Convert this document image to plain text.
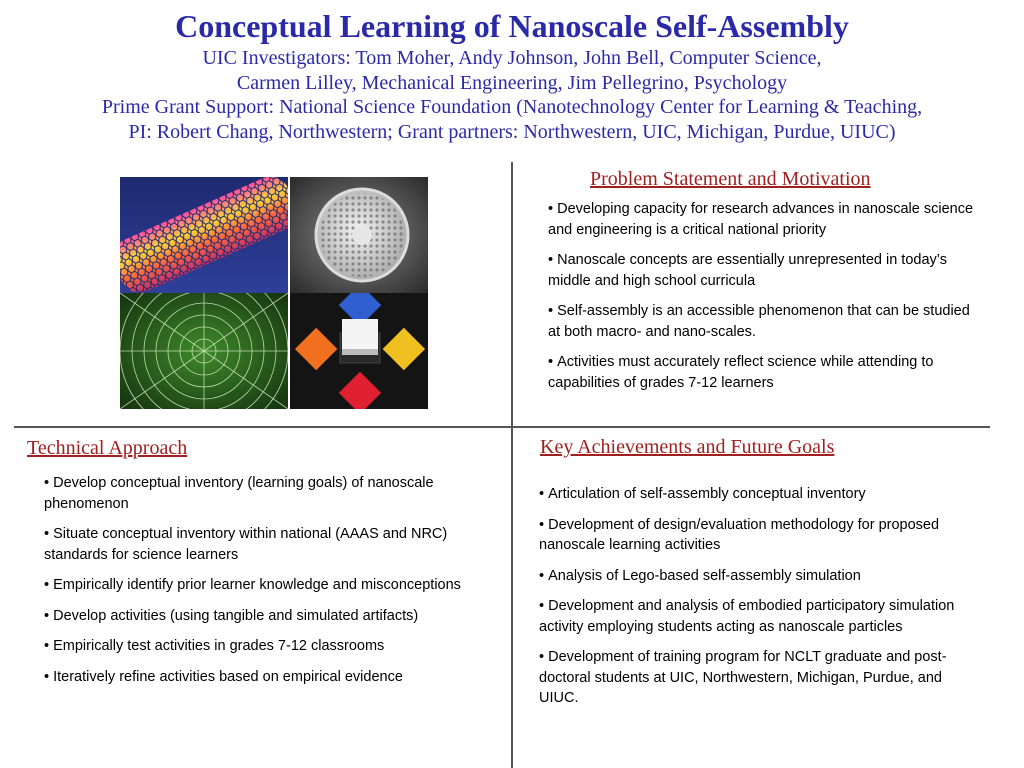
Conceptual Learning of Nanoscale Self-Assembly

UIC Investigators: Tom Moher, Andy Johnson, John Bell, Computer Science,

Carmen Lilley, Mechanical Engineering, Jim Pellegrino, Psychology

Prime Grant Support: National Science Foundation (Nanotechnology Center for Learning & Teaching,

PI: Robert Chang, Northwestern; Grant partners: Northwestern, UIC, Michigan, Purdue, UIUC)

Problem Statement and Motivation

• Developing capacity for research advances in nanoscale science and engineering is a critical national priority
• Nanoscale concepts are essentially unrepresented in today’s middle and high school curricula
• Self-assembly is an accessible phenomenon that can be studied at both macro- and nano-scales.
• Activities must accurately reflect science while attending to capabilities of grades 7-12 learners

Technical Approach

• Develop conceptual inventory (learning goals) of nanoscale phenomenon
• Situate conceptual inventory within national (AAAS and NRC) standards for science learners
• Empirically identify prior learner knowledge and misconceptions
• Develop activities (using tangible and simulated artifacts)
• Empirically test activities in grades 7-12 classrooms
• Iteratively refine activities based on empirical evidence

Key Achievements and Future Goals

• Articulation of self-assembly conceptual inventory
• Development of design/evaluation methodology for proposed nanoscale learning activities
• Analysis of Lego-based self-assembly simulation
• Development and analysis of embodied participatory simulation activity employing students acting as nanoscale particles
• Development of training program for NCLT graduate and post-doctoral students at UIC, Northwestern, Michigan, Purdue, and UIUC.
